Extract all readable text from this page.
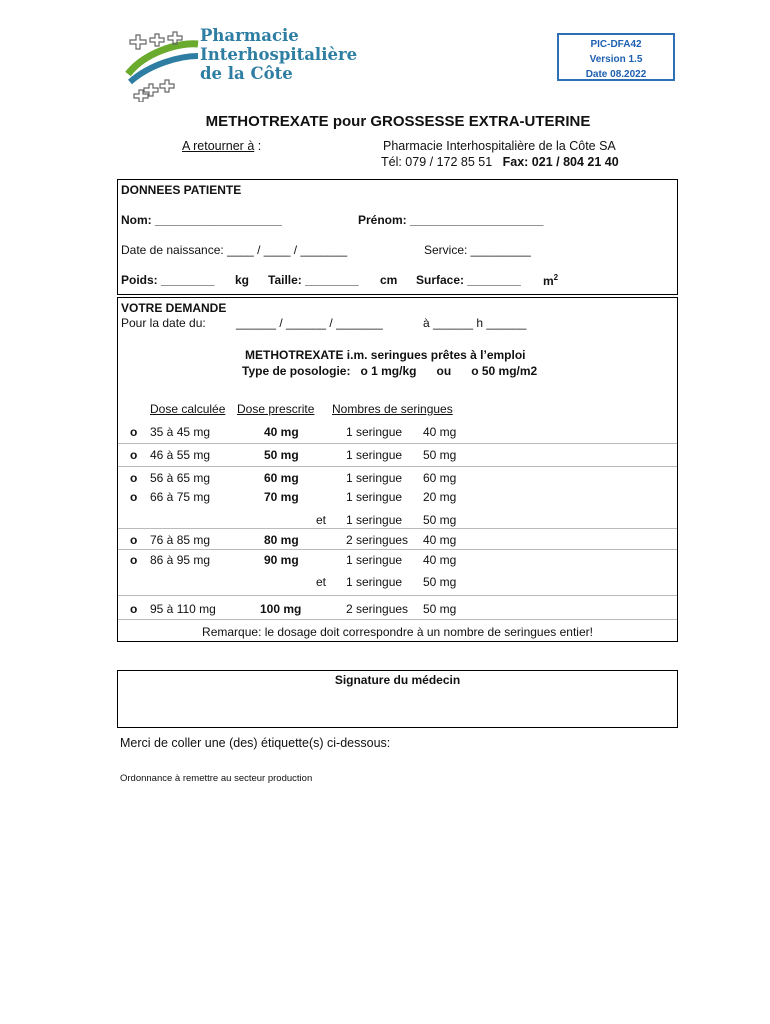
Pharmacie
Interhospitalière
de la Côte
PIC-DFA42
Version 1.5
Date 08.2022
METHOTREXATE pour GROSSESSE EXTRA-UTERINE
A retourner à :	Pharmacie Interhospitalière de la Côte SA
Tél: 079 / 172 85 51 Fax: 021 / 804 21 40
DONNEES PATIENTE
Nom: ___________________	Prénom: ____________________
Date de naissance: ____ / ____ / _______	Service: _________
Poids: ________ kg Taille: ________ cm Surface: ________ $m^2$
VOTRE DEMANDE
Pour la date du:	______ / ______ / _______	à ______ h ______
METHOTREXATE i.m. seringues prêtes à l’emploi
Type de posologie: o 1 mg/kg ou o 50 mg/m2
Dose calculée Dose prescrite Nombres de seringues
o 35 à 45 mg	40 mg	1 seringue 40 mg
o 46 à 55 mg	50 mg	1 seringue 50 mg
o 56 à 65 mg	60 mg	1 seringue 60 mg
o 66 à 75 mg	70 mg	1 seringue 20 mg
et 1 seringue 50 mg
o 76 à 85 mg	80 mg	2 seringues 40 mg
o 86 à 95 mg	90 mg	1 seringue 40 mg
et 1 seringue 50 mg
o 95 à 110 mg	100 mg	2 seringues 50 mg
Remarque: le dosage doit correspondre à un nombre de seringues entier!
Signature du médecin
Merci de coller une (des) étiquette(s) ci-dessous:
Ordonnance à remettre au secteur production
